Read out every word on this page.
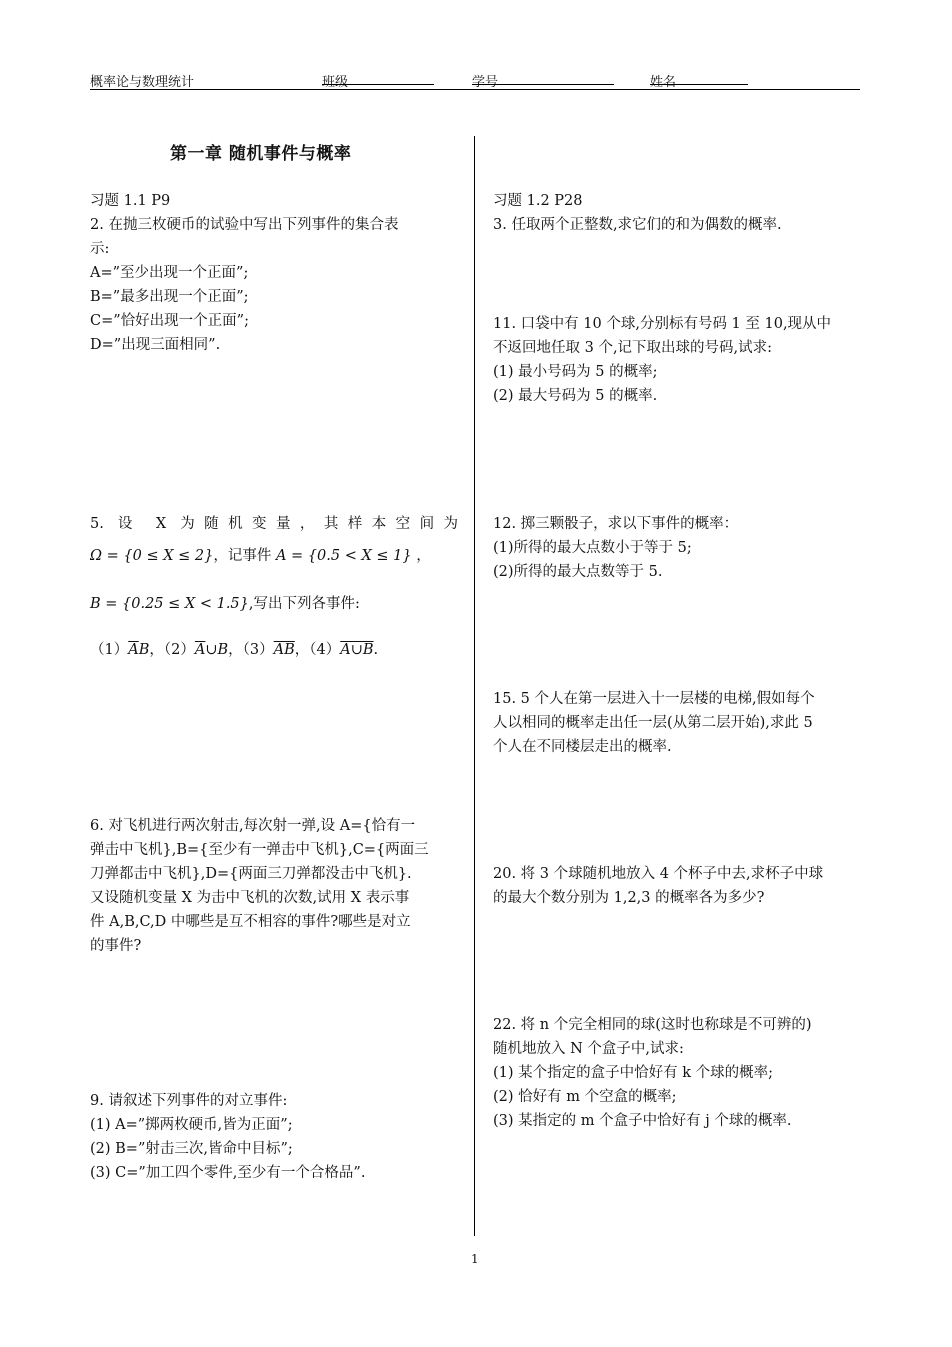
概率论与数理统计	班级	学号	姓名
第一章 随机事件与概率
习题 1.1 P9
2. 在抛三枚硬币的试验中写出下列事件的集合表
示:
A=”至少出现一个正面”;
B=”最多出现一个正面”;
C=”恰好出现一个正面”;
D=”出现三面相同”.
5. 设 X 为随机变量，其样本空间为
Ω = {0 ≤ X ≤ 2}，记事件 A = {0.5 < X ≤ 1} ，
B = {0.25 ≤ X < 1.5},写出下列各事件:
$(1)\overline{A}B$，$(2)\overline{A}\cup B$，$(3)\overline{AB}$，（4）A∪B.
6. 对飞机进行两次射击,每次射一弹,设 A={恰有一
弹击中飞机},B={至少有一弹击中飞机},C={两面三
刀弹都击中飞机},D={两面三刀弹都没击中飞机}.
又设随机变量 X 为击中飞机的次数,试用 X 表示事
件 A,B,C,D 中哪些是互不相容的事件?哪些是对立
的事件?
9. 请叙述下列事件的对立事件:
(1) A=”掷两枚硬币,皆为正面”;
(2) B=”射击三次,皆命中目标”;
(3) C=”加工四个零件,至少有一个合格品”.
习题 1.2 P28
3. 任取两个正整数,求它们的和为偶数的概率.
11. 口袋中有 10 个球,分别标有号码 1 至 10,现从中
不返回地任取 3 个,记下取出球的号码,试求:
(1) 最小号码为 5 的概率;
(2) 最大号码为 5 的概率.
12. 掷三颗骰子，求以下事件的概率：
(1)所得的最大点数小于等于 5;
(2)所得的最大点数等于 5.
15. 5 个人在第一层进入十一层楼的电梯,假如每个
人以相同的概率走出任一层(从第二层开始),求此 5
个人在不同楼层走出的概率.
20. 将 3 个球随机地放入 4 个杯子中去,求杯子中球
的最大个数分别为 1,2,3 的概率各为多少?
22. 将 n 个完全相同的球(这时也称球是不可辨的)
随机地放入 N 个盒子中,试求:
(1) 某个指定的盒子中恰好有 k 个球的概率;
(2) 恰好有 m 个空盒的概率;
(3) 某指定的 m 个盒子中恰好有 j 个球的概率.
1
